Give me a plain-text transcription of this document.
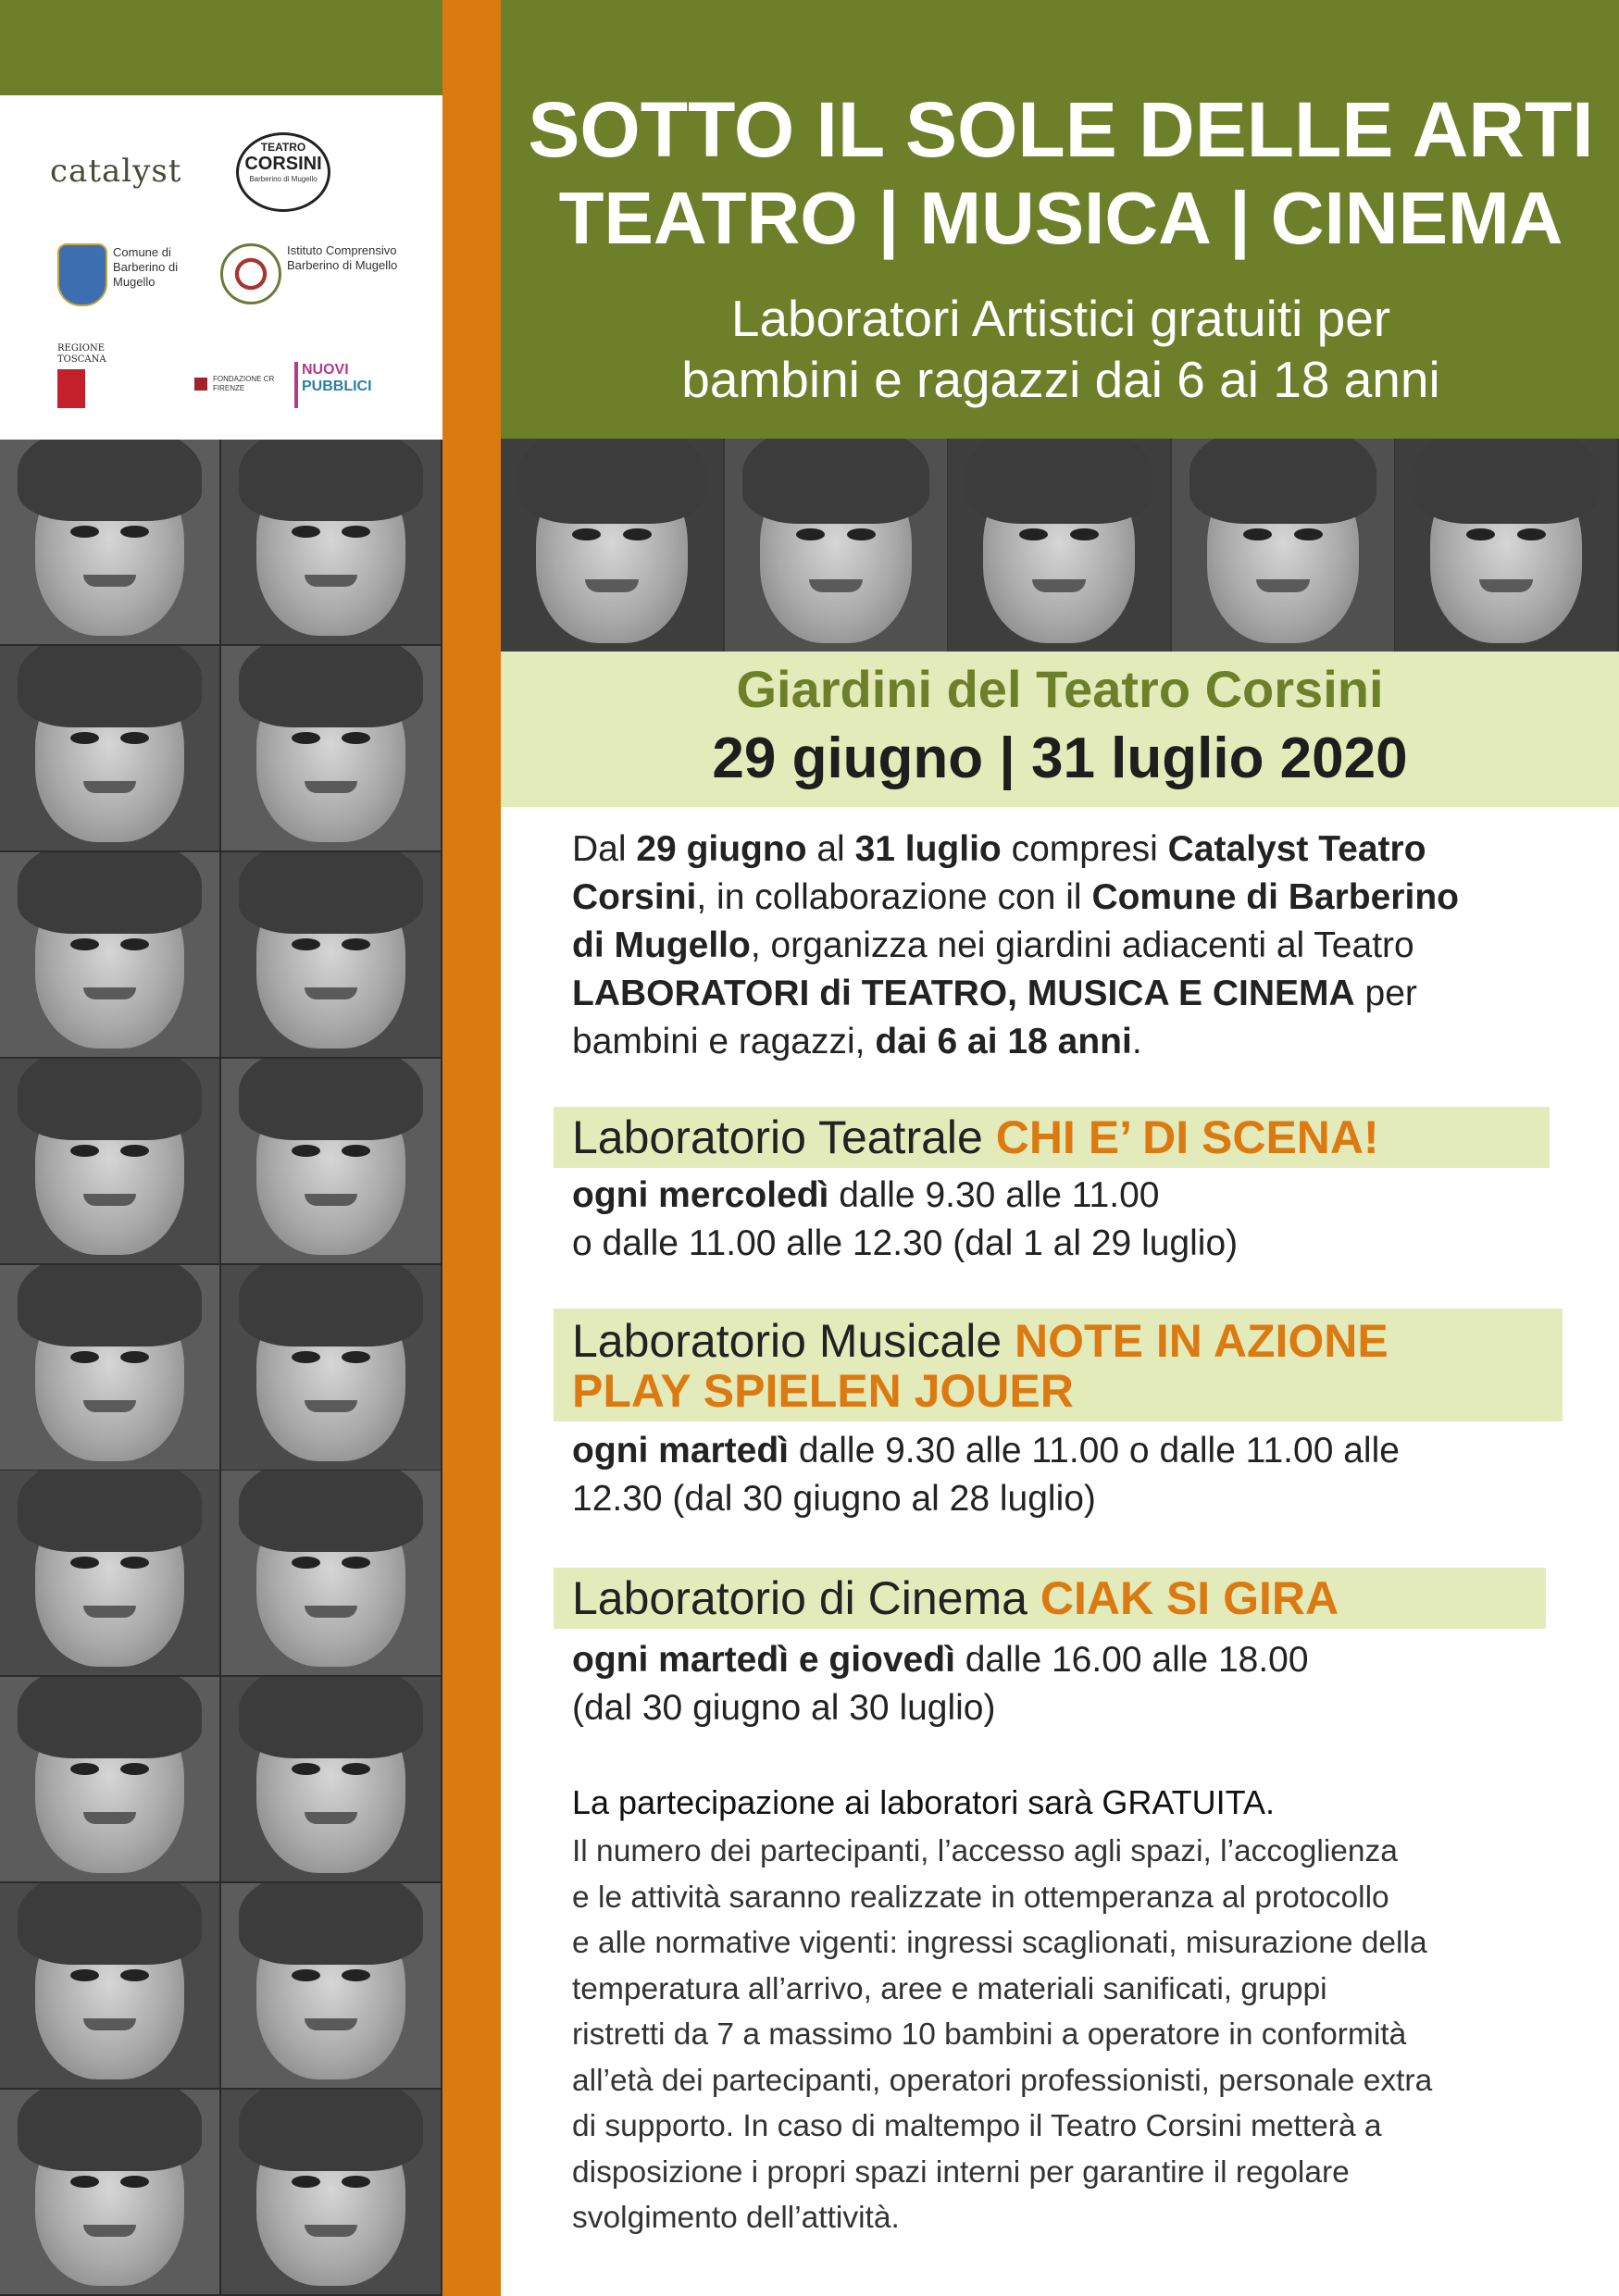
SOTTO IL SOLE DELLE ARTI
TEATRO | MUSICA | CINEMA
Laboratori Artistici gratuiti per
bambini e ragazzi dai 6 ai 18 anni
catalyst
TEATRO
CORSINI
Barberino di Mugello
Comune di Barberino di Mugello
Istituto Comprensivo Barberino di Mugello
REGIONE TOSCANA
FONDAZIONE CR FIRENZE
NUOVI
PUBBLICI
Giardini del Teatro Corsini
29 giugno | 31 luglio 2020
Dal 29 giugno al 31 luglio compresi Catalyst Teatro
Corsini, in collaborazione con il Comune di Barberino
di Mugello, organizza nei giardini adiacenti al Teatro
LABORATORI di TEATRO, MUSICA E CINEMA per
bambini e ragazzi, dai 6 ai 18 anni.
Laboratorio Teatrale CHI E’ DI SCENA!
ogni mercoledì dalle 9.30 alle 11.00
o dalle 11.00 alle 12.30 (dal 1 al 29 luglio)
Laboratorio Musicale NOTE IN AZIONE
PLAY SPIELEN JOUER
ogni martedì dalle 9.30 alle 11.00 o dalle 11.00 alle
12.30 (dal 30 giugno al 28 luglio)
Laboratorio di Cinema CIAK SI GIRA
ogni martedì e giovedì dalle 16.00 alle 18.00
(dal 30 giugno al 30 luglio)
La partecipazione ai laboratori sarà GRATUITA.
Il numero dei partecipanti, l’accesso agli spazi, l’accoglienza
e le attività saranno realizzate in ottemperanza al protocollo
e alle normative vigenti: ingressi scaglionati, misurazione della
temperatura all’arrivo, aree e materiali sanificati, gruppi
ristretti da 7 a massimo 10 bambini a operatore in conformità
all’età dei partecipanti, operatori professionisti, personale extra
di supporto. In caso di maltempo il Teatro Corsini metterà a
disposizione i propri spazi interni per garantire il regolare
svolgimento dell’attività.
